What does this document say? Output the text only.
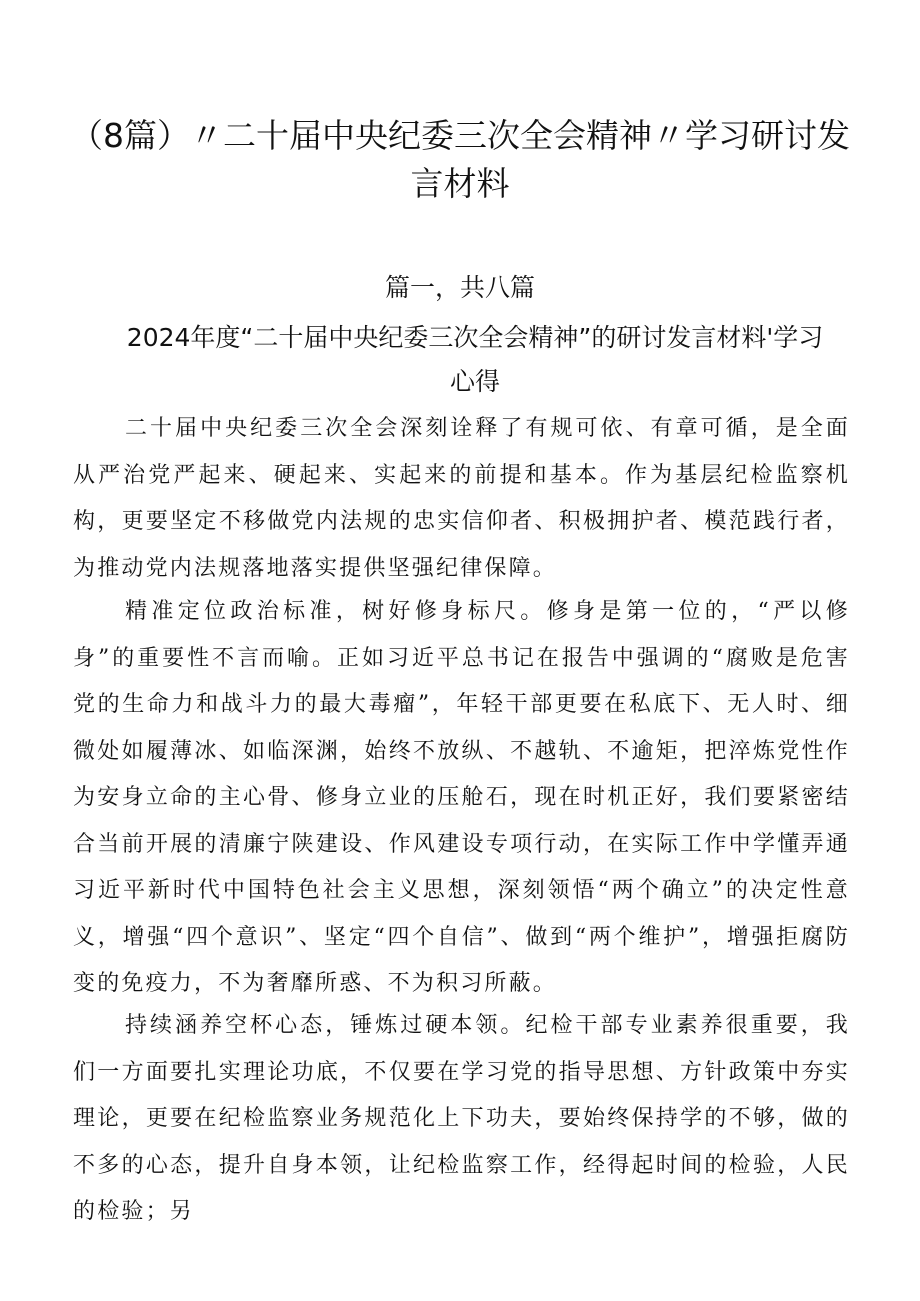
（8篇）〃二十届中央纪委三次全会精神〃学习研讨发言材料
篇一，共八篇
2024年度“二十届中央纪委三次全会精神”的研讨发言材料'学习心得

二十届中央纪委三次全会深刻诠释了有规可依、有章可循，是全面从严治党严起来、硬起来、实起来的前提和基本。作为基层纪检监察机构，更要坚定不移做党内法规的忠实信仰者、积极拥护者、模范践行者，为推动党内法规落地落实提供坚强纪律保障。

精准定位政治标准，树好修身标尺。修身是第一位的，“严以修身”的重要性不言而喻。正如习近平总书记在报告中强调的“腐败是危害党的生命力和战斗力的最大毒瘤”，年轻干部更要在私底下、无人时、细微处如履薄冰、如临深渊，始终不放纵、不越轨、不逾矩，把淬炼党性作为安身立命的主心骨、修身立业的压舱石，现在时机正好，我们要紧密结合当前开展的清廉宁陕建设、作风建设专项行动，在实际工作中学懂弄通习近平新时代中国特色社会主义思想，深刻领悟“两个确立”的决定性意义，增强“四个意识”、坚定“四个自信”、做到“两个维护”，增强拒腐防变的免疫力，不为奢靡所惑、不为积习所蔽。

持续涵养空杯心态，锤炼过硬本领。纪检干部专业素养很重要，我们一方面要扎实理论功底，不仅要在学习党的指导思想、方针政策中夯实理论，更要在纪检监察业务规范化上下功夫，要始终保持学的不够，做的不多的心态，提升自身本领，让纪检监察工作，经得起时间的检验，人民的检验；另
